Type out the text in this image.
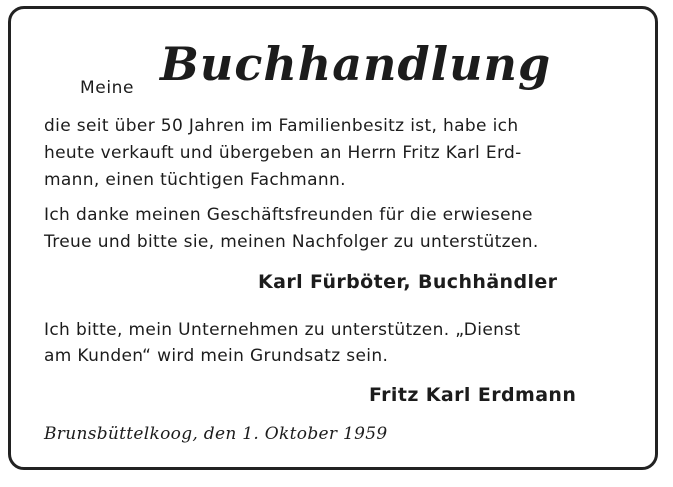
Meine Buchhandlung
die seit über 50 Jahren im Familienbesitz ist, habe ich
heute verkauft und übergeben an Herrn Fritz Karl Erd-
mann, einen tüchtigen Fachmann.
Ich danke meinen Geschäftsfreunden für die erwiesene
Treue und bitte sie, meinen Nachfolger zu unterstützen.
Karl Fürböter, Buchhändler
Ich bitte, mein Unternehmen zu unterstützen. „Dienst
am Kunden“ wird mein Grundsatz sein.
Fritz Karl Erdmann
Brunsbüttelkoog, den 1. Oktober 1959
